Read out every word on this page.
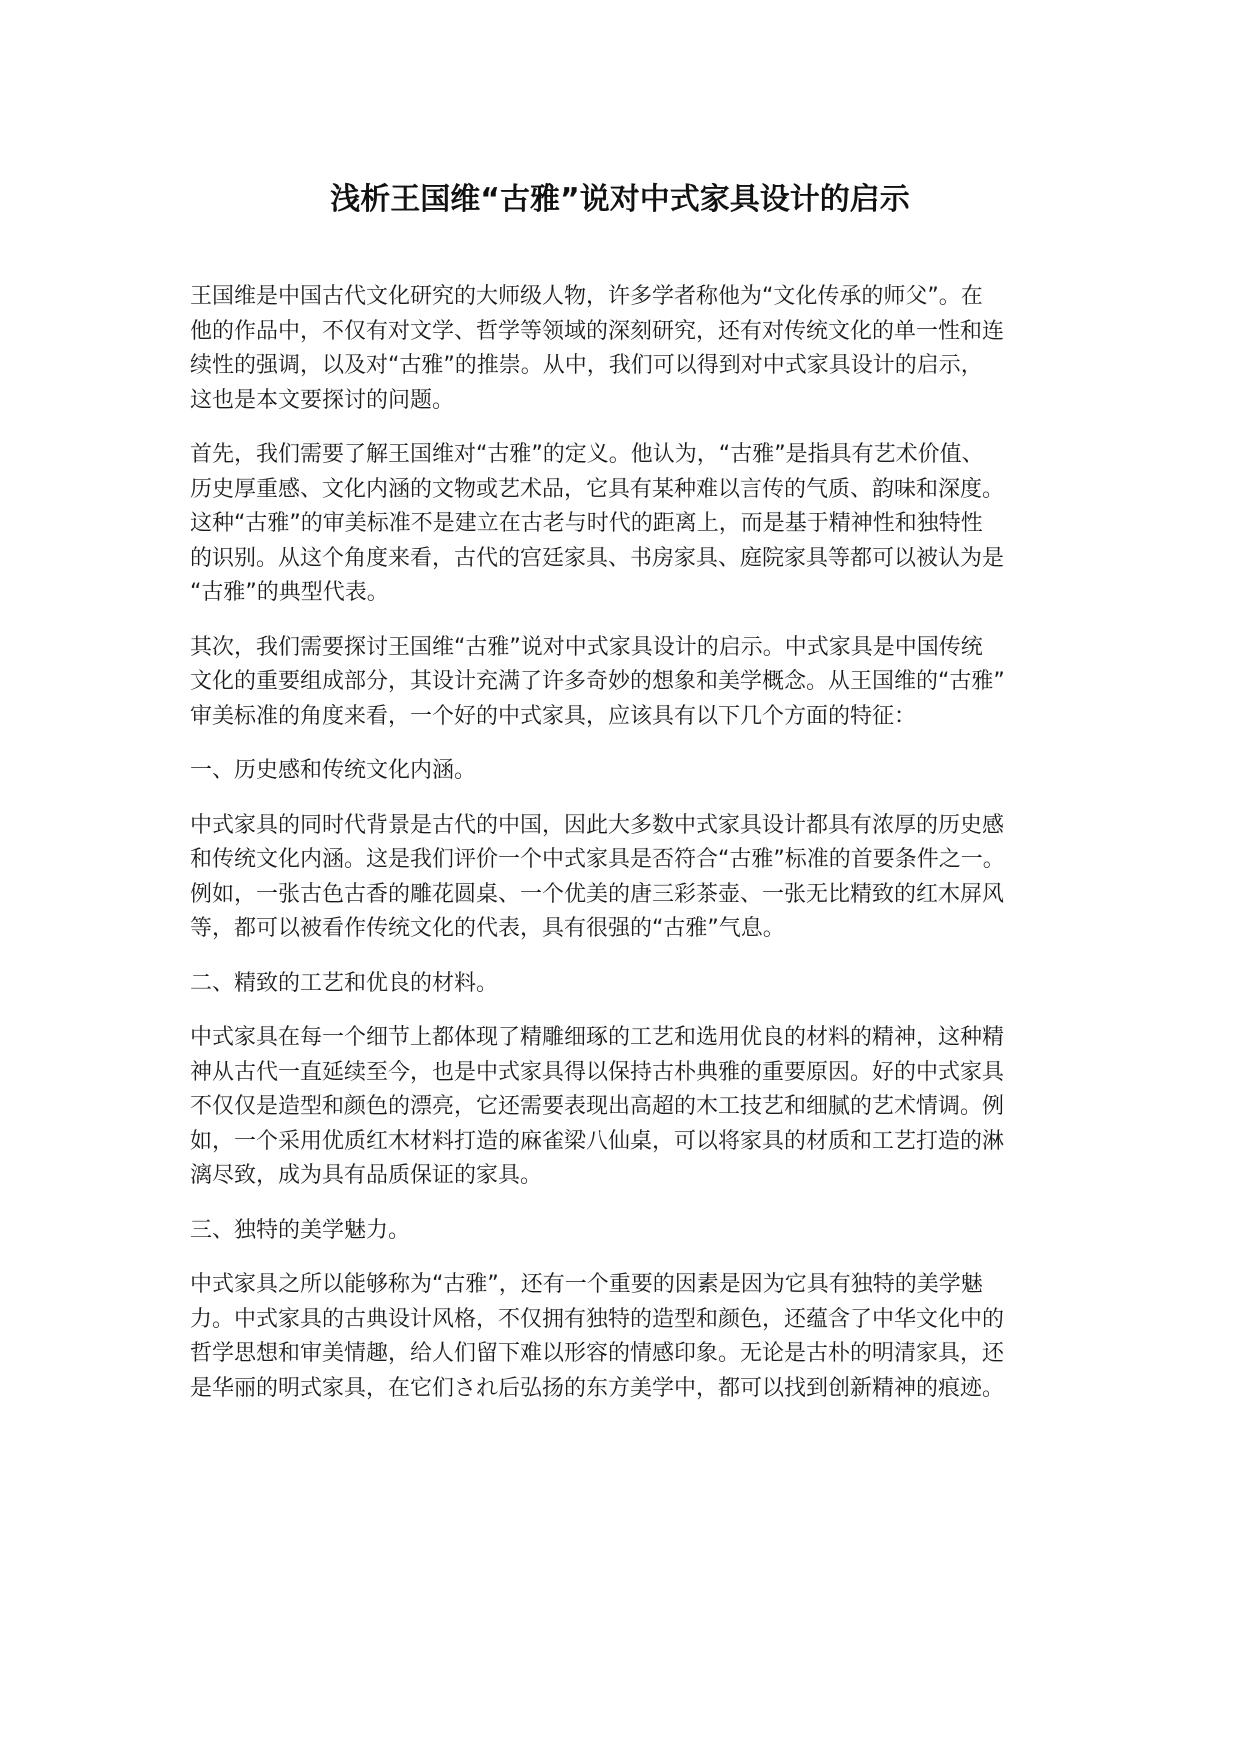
浅析王国维“古雅”说对中式家具设计的启示

王国维是中国古代文化研究的大师级人物，许多学者称他为“文化传承的师父”。在
他的作品中，不仅有对文学、哲学等领域的深刻研究，还有对传统文化的单一性和连
续性的强调，以及对“古雅”的推崇。从中，我们可以得到对中式家具设计的启示，
这也是本文要探讨的问题。

首先，我们需要了解王国维对“古雅”的定义。他认为，“古雅”是指具有艺术价值、
历史厚重感、文化内涵的文物或艺术品，它具有某种难以言传的气质、韵味和深度。
这种“古雅”的审美标准不是建立在古老与时代的距离上，而是基于精神性和独特性
的识别。从这个角度来看，古代的宫廷家具、书房家具、庭院家具等都可以被认为是
“古雅”的典型代表。

其次，我们需要探讨王国维“古雅”说对中式家具设计的启示。中式家具是中国传统
文化的重要组成部分，其设计充满了许多奇妙的想象和美学概念。从王国维的“古雅”
审美标准的角度来看，一个好的中式家具，应该具有以下几个方面的特征：

一、历史感和传统文化内涵。

中式家具的同时代背景是古代的中国，因此大多数中式家具设计都具有浓厚的历史感
和传统文化内涵。这是我们评价一个中式家具是否符合“古雅”标准的首要条件之一。
例如，一张古色古香的雕花圆桌、一个优美的唐三彩茶壶、一张无比精致的红木屏风
等，都可以被看作传统文化的代表，具有很强的“古雅”气息。

二、精致的工艺和优良的材料。

中式家具在每一个细节上都体现了精雕细琢的工艺和选用优良的材料的精神，这种精
神从古代一直延续至今，也是中式家具得以保持古朴典雅的重要原因。好的中式家具
不仅仅是造型和颜色的漂亮，它还需要表现出高超的木工技艺和细腻的艺术情调。例
如，一个采用优质红木材料打造的麻雀梁八仙桌，可以将家具的材质和工艺打造的淋
漓尽致，成为具有品质保证的家具。

三、独特的美学魅力。

中式家具之所以能够称为“古雅”，还有一个重要的因素是因为它具有独特的美学魅
力。中式家具的古典设计风格，不仅拥有独特的造型和颜色，还蕴含了中华文化中的
哲学思想和审美情趣，给人们留下难以形容的情感印象。无论是古朴的明清家具，还
是华丽的明式家具，在它们され后弘扬的东方美学中，都可以找到创新精神的痕迹。
